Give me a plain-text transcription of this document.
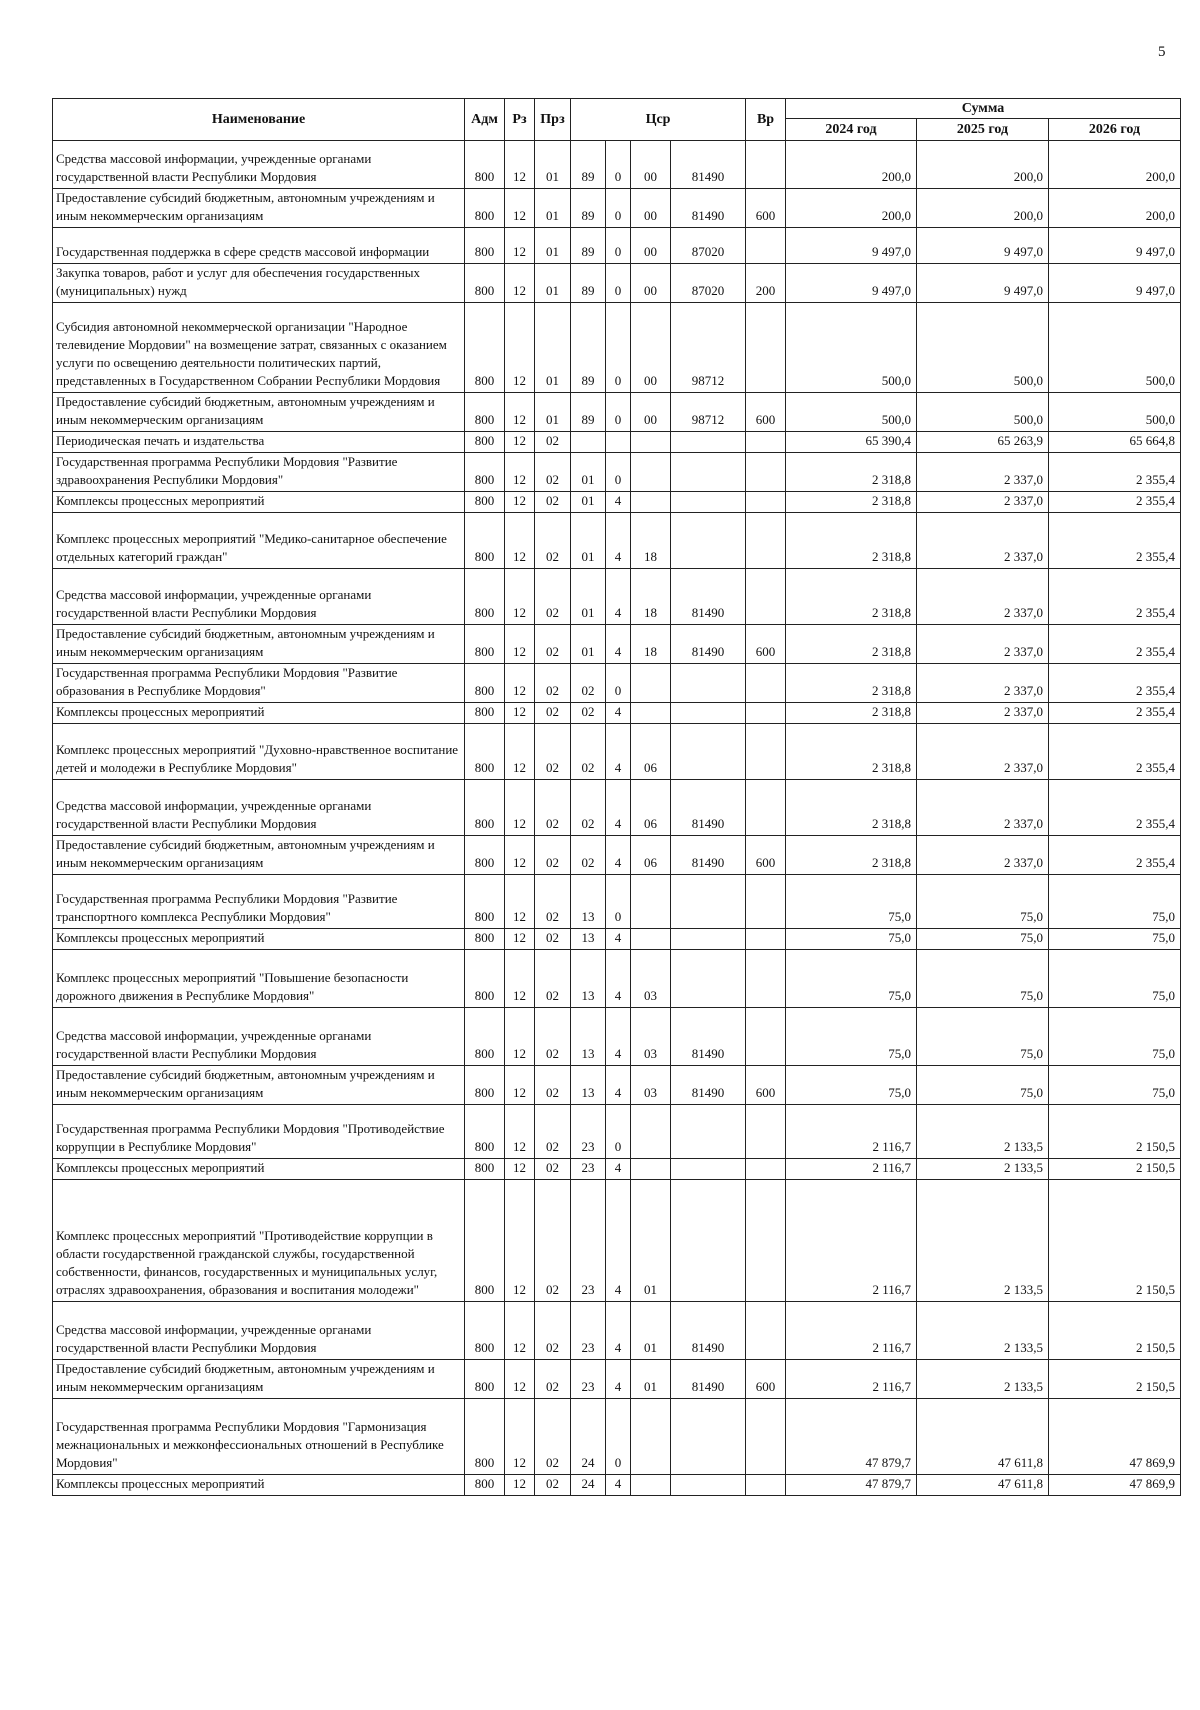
5
Наименование	Адм	Рз	Прз	Цср				Вр	Сумма		
									2024 год	2025 год	2026 год
Средства массовой информации, учрежденные органами государственной власти Республики Мордовия	800	12	01	89	0	00	81490		200,0	200,0	200,0
Предоставление субсидий бюджетным, автономным учреждениям и иным некоммерческим организациям	800	12	01	89	0	00	81490	600	200,0	200,0	200,0
Государственная поддержка в сфере средств массовой информации	800	12	01	89	0	00	87020		9 497,0	9 497,0	9 497,0
Закупка товаров, работ и услуг для обеспечения государственных (муниципальных) нужд	800	12	01	89	0	00	87020	200	9 497,0	9 497,0	9 497,0
Субсидия автономной некоммерческой организации "Народное телевидение Мордовии" на возмещение затрат, связанных с оказанием услуги по освещению деятельности политических партий, представленных в Государственном Собрании Республики Мордовия	800	12	01	89	0	00	98712		500,0	500,0	500,0
Предоставление субсидий бюджетным, автономным учреждениям и иным некоммерческим организациям	800	12	01	89	0	00	98712	600	500,0	500,0	500,0
Периодическая печать и издательства	800	12	02						65 390,4	65 263,9	65 664,8
Государственная программа Республики Мордовия "Развитие здравоохранения Республики Мордовия"	800	12	02	01	0				2 318,8	2 337,0	2 355,4
Комплексы процессных мероприятий	800	12	02	01	4				2 318,8	2 337,0	2 355,4
Комплекс процессных мероприятий "Медико-санитарное обеспечение отдельных категорий граждан"	800	12	02	01	4	18			2 318,8	2 337,0	2 355,4
Средства массовой информации, учрежденные органами государственной власти Республики Мордовия	800	12	02	01	4	18	81490		2 318,8	2 337,0	2 355,4
Предоставление субсидий бюджетным, автономным учреждениям и иным некоммерческим организациям	800	12	02	01	4	18	81490	600	2 318,8	2 337,0	2 355,4
Государственная программа Республики Мордовия "Развитие образования в Республике Мордовия"	800	12	02	02	0				2 318,8	2 337,0	2 355,4
Комплексы процессных мероприятий	800	12	02	02	4				2 318,8	2 337,0	2 355,4
Комплекс процессных мероприятий "Духовно-нравственное воспитание детей и молодежи в Республике Мордовия"	800	12	02	02	4	06			2 318,8	2 337,0	2 355,4
Средства массовой информации, учрежденные органами государственной власти Республики Мордовия	800	12	02	02	4	06	81490		2 318,8	2 337,0	2 355,4
Предоставление субсидий бюджетным, автономным учреждениям и иным некоммерческим организациям	800	12	02	02	4	06	81490	600	2 318,8	2 337,0	2 355,4
Государственная программа Республики Мордовия "Развитие транспортного комплекса Республики Мордовия"	800	12	02	13	0				75,0	75,0	75,0
Комплексы процессных мероприятий	800	12	02	13	4				75,0	75,0	75,0
Комплекс процессных мероприятий "Повышение безопасности дорожного движения в Республике Мордовия"	800	12	02	13	4	03			75,0	75,0	75,0
Средства массовой информации, учрежденные органами государственной власти Республики Мордовия	800	12	02	13	4	03	81490		75,0	75,0	75,0
Предоставление субсидий бюджетным, автономным учреждениям и иным некоммерческим организациям	800	12	02	13	4	03	81490	600	75,0	75,0	75,0
Государственная программа Республики Мордовия "Противодействие коррупции в Республике Мордовия"	800	12	02	23	0				2 116,7	2 133,5	2 150,5
Комплексы процессных мероприятий	800	12	02	23	4				2 116,7	2 133,5	2 150,5
Комплекс процессных мероприятий "Противодействие коррупции в области государственной гражданской службы, государственной собственности, финансов, государственных и муниципальных услуг, отраслях здравоохранения, образования и воспитания молодежи"	800	12	02	23	4	01			2 116,7	2 133,5	2 150,5
Средства массовой информации, учрежденные органами государственной власти Республики Мордовия	800	12	02	23	4	01	81490		2 116,7	2 133,5	2 150,5
Предоставление субсидий бюджетным, автономным учреждениям и иным некоммерческим организациям	800	12	02	23	4	01	81490	600	2 116,7	2 133,5	2 150,5
Государственная программа Республики Мордовия "Гармонизация межнациональных и межконфессиональных отношений в Республике Мордовия"	800	12	02	24	0				47 879,7	47 611,8	47 869,9
Комплексы процессных мероприятий	800	12	02	24	4				47 879,7	47 611,8	47 869,9
